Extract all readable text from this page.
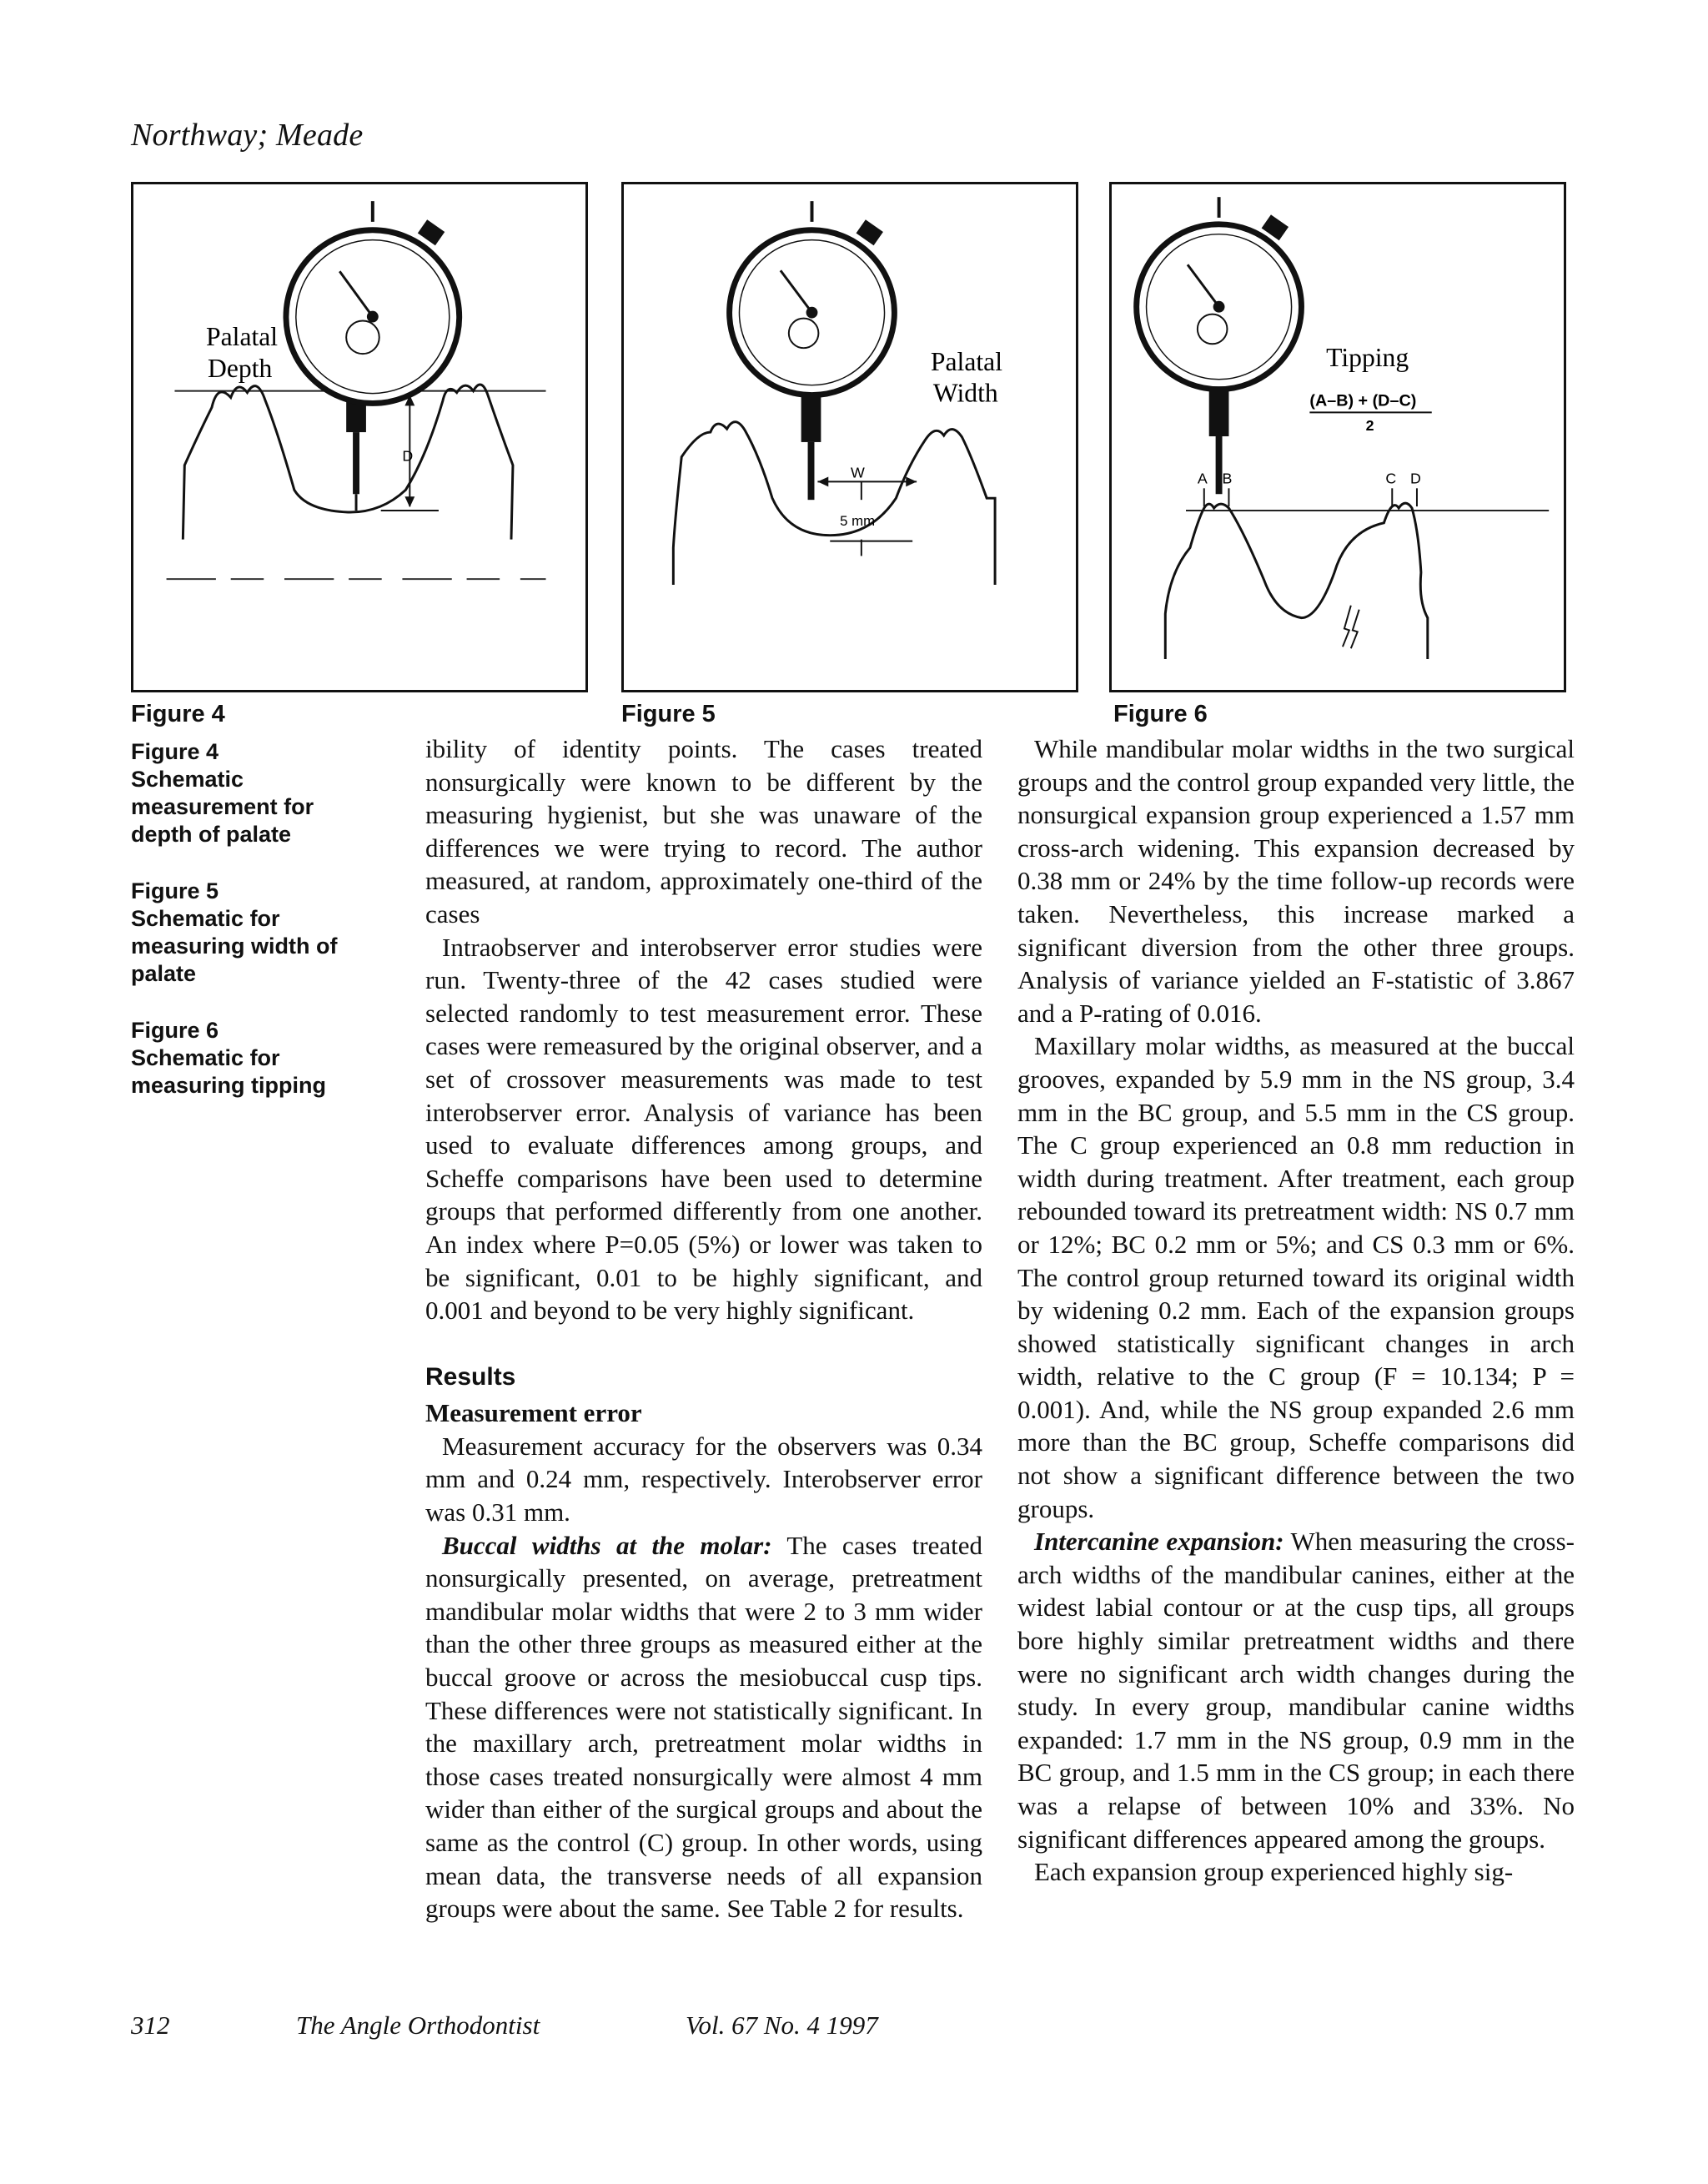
Northway; Meade
D
Palatal
Depth
W
5 mm
Palatal
Width
A B	C D
Tipping
(A–B) + (D–C)
2
Figure 4	Figure 5	Figure 6
Figure 4
Schematic measurement for depth of palate
Figure 5
Schematic for measuring width of palate
Figure 6
Schematic for measuring tipping

ibility of identity points. The cases treated nonsurgically were known to be different by the measuring hygienist, but she was unaware of the differences we were trying to record. The author measured, at random, approximately one-third of the cases

Intraobserver and interobserver error studies were run. Twenty-three of the 42 cases studied were selected randomly to test measurement error. These cases were remeasured by the original observer, and a set of crossover measurements was made to test interobserver error. Analysis of variance has been used to evaluate differences among groups, and Scheffe comparisons have been used to determine groups that performed differently from one another. An index where P=0.05 (5%) or lower was taken to be significant, 0.01 to be highly significant, and 0.001 and beyond to be very highly significant.

Results
Measurement error

Measurement accuracy for the observers was 0.34 mm and 0.24 mm, respectively. Interobserver error was 0.31 mm.

Buccal widths at the molar: The cases treated nonsurgically presented, on average, pretreatment mandibular molar widths that were 2 to 3 mm wider than the other three groups as measured either at the buccal groove or across the mesiobuccal cusp tips. These differences were not statistically significant. In the maxillary arch, pretreatment molar widths in those cases treated nonsurgically were almost 4 mm wider than either of the surgical groups and about the same as the control (C) group. In other words, using mean data, the transverse needs of all expansion groups were about the same. See Table 2 for results.

While mandibular molar widths in the two surgical groups and the control group expanded very little, the nonsurgical expansion group experienced a 1.57 mm cross-arch widening. This expansion decreased by 0.38 mm or 24% by the time follow-up records were taken. Nevertheless, this increase marked a significant diversion from the other three groups. Analysis of variance yielded an F-statistic of 3.867 and a P-rating of 0.016.

Maxillary molar widths, as measured at the buccal grooves, expanded by 5.9 mm in the NS group, 3.4 mm in the BC group, and 5.5 mm in the CS group. The C group experienced an 0.8 mm reduction in width during treatment. After treatment, each group rebounded toward its pretreatment width: NS 0.7 mm or 12%; BC 0.2 mm or 5%; and CS 0.3 mm or 6%. The control group returned toward its original width by widening 0.2 mm. Each of the expansion groups showed statistically significant changes in arch width, relative to the C group (F = 10.134; P = 0.001). And, while the NS group expanded 2.6 mm more than the BC group, Scheffe comparisons did not show a significant difference between the two groups.

Intercanine expansion: When measuring the cross-arch widths of the mandibular canines, either at the widest labial contour or at the cusp tips, all groups bore highly similar pretreatment widths and there were no significant arch width changes during the study. In every group, mandibular canine widths expanded: 1.7 mm in the NS group, 0.9 mm in the BC group, and 1.5 mm in the CS group; in each there was a relapse of between 10% and 33%. No significant differences appeared among the groups.

Each expansion group experienced highly sig-

312	The Angle Orthodontist	Vol. 67 No. 4 1997
